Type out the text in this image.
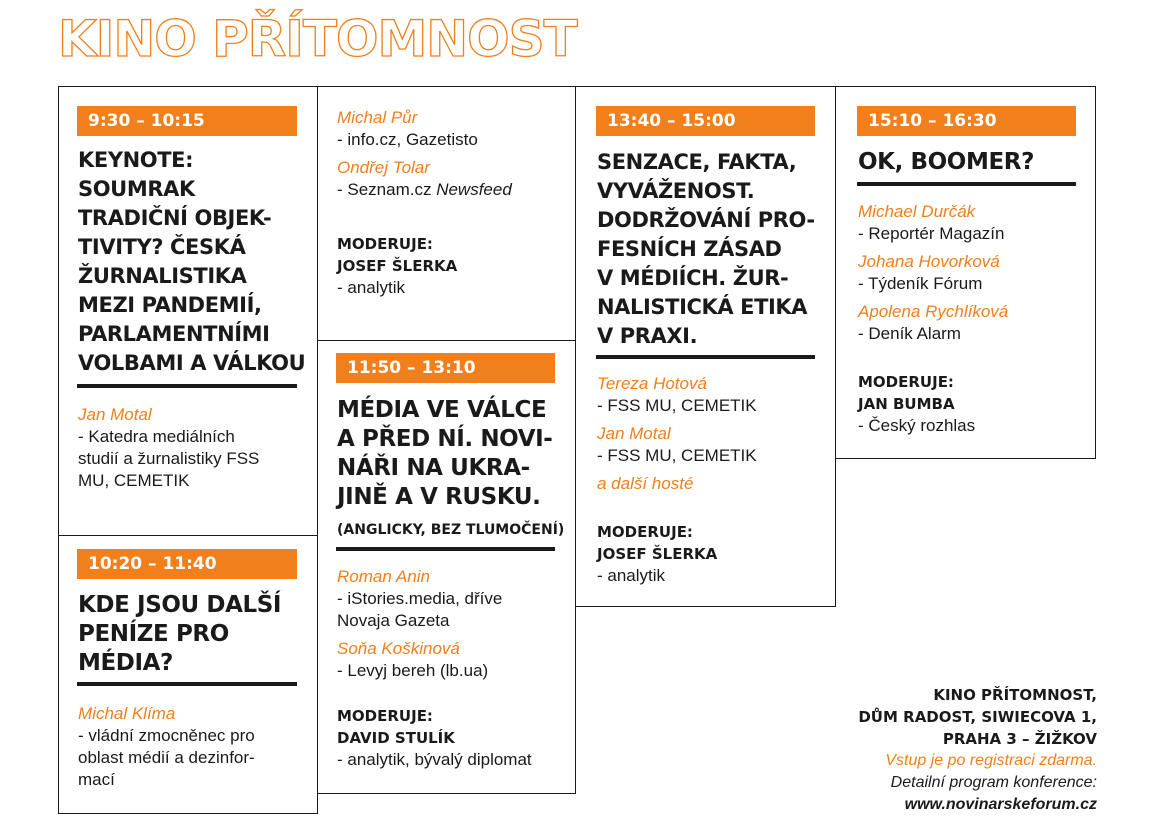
KINO PŘÍTOMNOST
9:30 – 10:15
KEYNOTE:
SOUMRAK
TRADIČNÍ OBJEK-
TIVITY? ČESKÁ
ŽURNALISTIKA
MEZI PANDEMIÍ,
PARLAMENTNÍMI
VOLBAMI A VÁLKOU
Jan Motal
- Katedra mediálních
studií a žurnalistiky FSS
MU, CEMETIK
10:20 – 11:40
KDE JSOU DALŠÍ
PENÍZE PRO
MÉDIA?
Michal Klíma
- vládní zmocněnec pro
oblast médií a dezinfor-
mací
Michal Půr
- info.cz, Gazetisto
Ondřej Tolar
- Seznam.cz Newsfeed
MODERUJE:
JOSEF ŠLERKA
- analytik
11:50 – 13:10
MÉDIA VE VÁLCE
A PŘED NÍ. NOVI-
NÁŘI NA UKRA-
JINĚ A V RUSKU.
(ANGLICKY, BEZ TLUMOČENÍ)
Roman Anin
- iStories.media, dříve
Novaja Gazeta
Soňa Koškinová
- Levyj bereh (lb.ua)
MODERUJE:
DAVID STULÍK
- analytik, bývalý diplomat
13:40 – 15:00
SENZACE, FAKTA,
VYVÁŽENOST.
DODRŽOVÁNÍ PRO-
FESNÍCH ZÁSAD
V MÉDIÍCH. ŽUR-
NALISTICKÁ ETIKA
V PRAXI.
Tereza Hotová
- FSS MU, CEMETIK
Jan Motal
- FSS MU, CEMETIK
a další hosté
MODERUJE:
JOSEF ŠLERKA
- analytik
15:10 – 16:30
OK, BOOMER?
Michael Durčák
- Reportér Magazín
Johana Hovorková
- Týdeník Fórum
Apolena Rychlíková
- Deník Alarm
MODERUJE:
JAN BUMBA
- Český rozhlas
KINO PŘÍTOMNOST,
DŮM RADOST, SIWIECOVA 1,
PRAHA 3 – ŽIŽKOV
Vstup je po registraci zdarma.
Detailní program konference:
www.novinarskeforum.cz
